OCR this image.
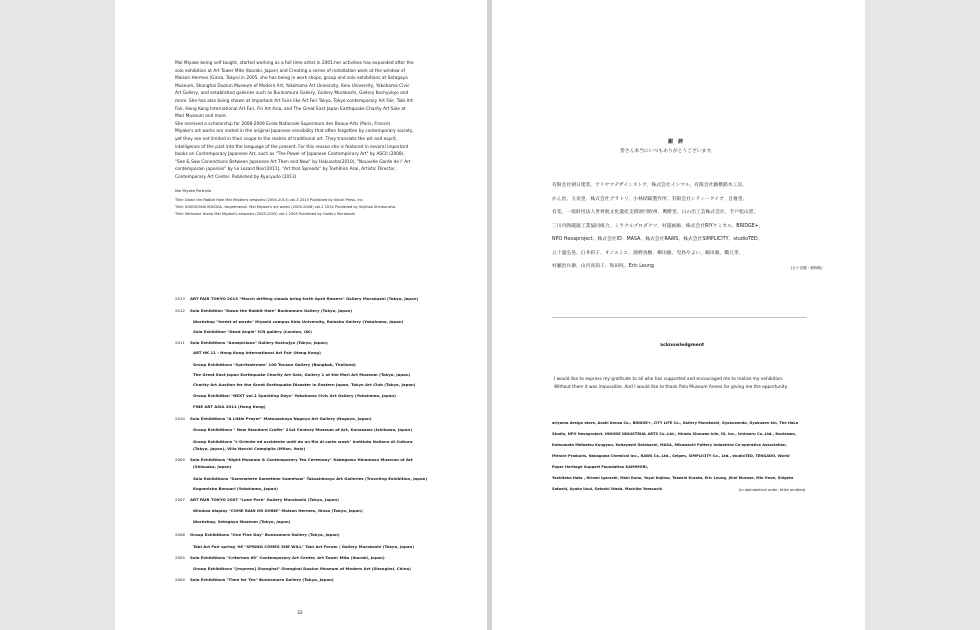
Mai Miyake being self taught, started working as a full time artist in 2001.her activities has expanded after the
solo exhibition at Art Tower Mito (Ibaraki, Japan) and Creating a series of installation work at the window of
Maison Hermes (Ginza, Tokyo) in 2005, she has being in work shops, group and solo exhibitions at Setagaya
Museum, Shanghai Duolun Museum of Modern Art, Yokohama Art University, Keio University, Yokohama Civic
Art Gallery, and established galleries such as Bunkamura Gallery, Gallery Murakoshi, Gallery Kochyukyo and
more. She has also being shown at important Art Fairs like Art Fair Tokyo, Tokyo contemporary Art Fair, Tobi Art
Fair, Hong Kong International Art Fair, Fin Art Asia, and The Great East Japan Earthquake Charity Art Sale at
Mori Museum and more.
She received a scholarship for 2008-2009 Ecole Nationale Superieure des Beaux-Arts (Paris, France)
Miyake's art works are rooted in the original Japanese sensibility that often forgotten by contemporary society,
yet they are not limited in their scope to the realms of traditional art. They translate the wit and esprit,
intelligence of the past into the language of the present. For this reason she is featured in several important
books on Contemporary Japanese Art, such as "The Power of Japanese Contemporary Art" by ASCII (2008),
"See & Saw Connections Between Japanese Art Then and Now" by Hakuosha(2010), "Nouvelle Garde de l' Art
contemporain japonais" by Le Lezard Noir(2011), "Art that Spreads" by Toshihiro Asai, Artistic Director,
Contemporary Art Center. Published by Kyuryudo (2013)
Mai Miyake Portfolio
Title: Down the Rabbit Hole Mai Miyake's artworks (2004-2013) vol.3 2013 Published by Kizuki Press, Inc
Title: KOKOZOKAI KOKOKA -forgetmenot- Mai Miyake's art works (2005-2008) vol.2 2010 Published by Seijinsa Shinbunsha,
Title: Welcome Home Mai Miyake's artworks (2003-2005) vol.1 2005 Published by Gallery Murakoshi
2013 ART FAIR TOKYO 2013 "March drifting clouds bring forth April flowers" Gallery Murakoshi (Tokyo, Japan)
2012 Solo Exhibition "Down the Rabbit Hole" Bunkamura Gallery (Tokyo, Japan)
Workshop "forest of words" Hiyoshi campus Keio University, Raiosha Gallery (Yokohama, Japan)
Solo Exhibition "Dead Angle" ICN gallery (London, UK)
2011 Solo Exhibitions "Anaspicious" Gallery Kochujyo (Tokyo, Japan)
ART HK 11 : Hong Kong International Art Fair (Hong Kong)
Group Exhibitions "Spiritsstream" 100 Tonson Gallery (Bangkok, Thailand)
The Great East Japan Earthquake Charity Art Sale, Gallery 1 at the Mori Art Museum (Tokyo, Japan)
Charity Art Auction for the Great Earthquake Disaster in Eastern Japan, Tokyo Art Club (Tokyo, Japan)
Group Exhibition "NEXT vol.1 Sparkling Days" Yokohama Civic Art Gallery (Yokohama, Japan)
FINE ART ASIA 2011 (Hong Kong)
2010 Solo Exhibitions "A Little Prayer" Matsuzakaya Nagoya Art Gallery (Nagoya, Japan)
Group Exhibitions " New Standard Crafts" 21st Century Museum of Art, Kanazawa (Ishikawa, Japan)
Group Exhibitions "L'Oriente ed occidente uniti da un filo di corte wash" Instituto Italiano di Cultura
(Tokyo, Japan), Villa Necchi Campiglio (Milan, Italy)
2009 Solo Exhibitions "Night Museum & Contemporary Tea Ceremony" Kabegawa Hinamasu Museum of Art
(Shizuoka, Japan)
Solo Exhibitions "Somewhere Sometime Somehow" Takashimaya Art Galleries (Traveling Exhibition, Japan)
Kagamicho Banuari (Yokohama, Japan)
2007 ART FAIR TOKYO 2007 "Lune Park" Gallery Murakoshi (Tokyo, Japan)
Window display "COME RAIN OR SHINE" Maison Hermes, Ginza (Tokyo, Japan)
Workshop, Setagaya Museum (Tokyo, Japan)
2006 Group Exhibitions "One Fine Day" Bunkamura Gallery (Tokyo, Japan)
Tobi Art Fair spring '06 "SPRING COMES SHE WILL" Tobi Art Forum / Gallery Murakoshi (Tokyo, Japan)
2005 Solo Exhibitions "Criterium 65" Contemporary Art Center, Art Tower Mito (Ibaraki, Japan)
Group Exhibitions "[express] Shanghai" Shanghai Duolun Museum of Modern Art (Shanghai, China)
2004 Solo Exhibitions "Time for Tea" Bunkamura Gallery (Tokyo, Japan)
32
謝　辞
皆さん本当にいつもありがとうございます。
有限会社朝日建装、アリヤマデザインストア、株式会社イシマル、有限会社藤横銘木工房、
かん治、玉泉堂、株式会社グラトリ、小林硝鎚製作所、有限会社シティークイブ、自養堂、
有変、一般財団法人世界航文化遺産支援財団欧州、輿酔堂、日の出工芸株式会社、手戸松山窯、
三川内陶磁器工業協同組合、ミラクルプロダクツ、村越画廊、株式会社RIYケミカル、BRIDGE+、
NPO Hexaproject、株式会社ID、MASA、株式会社RAWS、株式会社SIMPLICITY、studioTED、
五十嵐弘晃、臼井彩子、オノエミエ、鹿野真樹、柳田慶、児島やよい、鶴田毅、橋元孝、
村瀬治兵衛、山内真知子、和田咲、Eric Leung	(五十音順・敬称略)
acknowledgment
I would like to express my gratitude to all who has supported and encouraged me to realize my exhibition.
Without them it was impossible. And I would like to thank Pola Museum Annex for giving me the opportunity.
ariyama design store, Asahi Kenso Co., BRIDGE+, CITY LIFE Co., Gallery Murakoshi, Gyokusendo, Gyokusen kin, The HaLo
Studio, NPO Hexaproject, HINODE INDUSTRIAL ARTS Co.,Ltd., Hirado Shouzan kiln, ID, Inc., Ishimaru Co.,Ltd., Kanisawa,
Katsumata Meibotsu Kougyou, Kobayashi Galabachi, MASA, Mikawachi Pottery Industries Co-operative Association,
Miracle Products, Nakagawa Chemical Inc., RAWS Co.,Ltd., Seigen, SIMPLICITY Co., Ltd., studioTED, TENGADO, World
Paper Heritage Support Foundation KAMIMORI,
Yoshitaka Hata , Hiromi Igarashi, Maki Kano, Yayoi Kojima, Takeshi Kurata, Eric Leung, Jihei Murase, Mie Onoe, Shigeta
Satoshi, Ayako Usui, Satoshi Wada, Machiko Yamauchi	(in alphabetical order, titles omitted)
